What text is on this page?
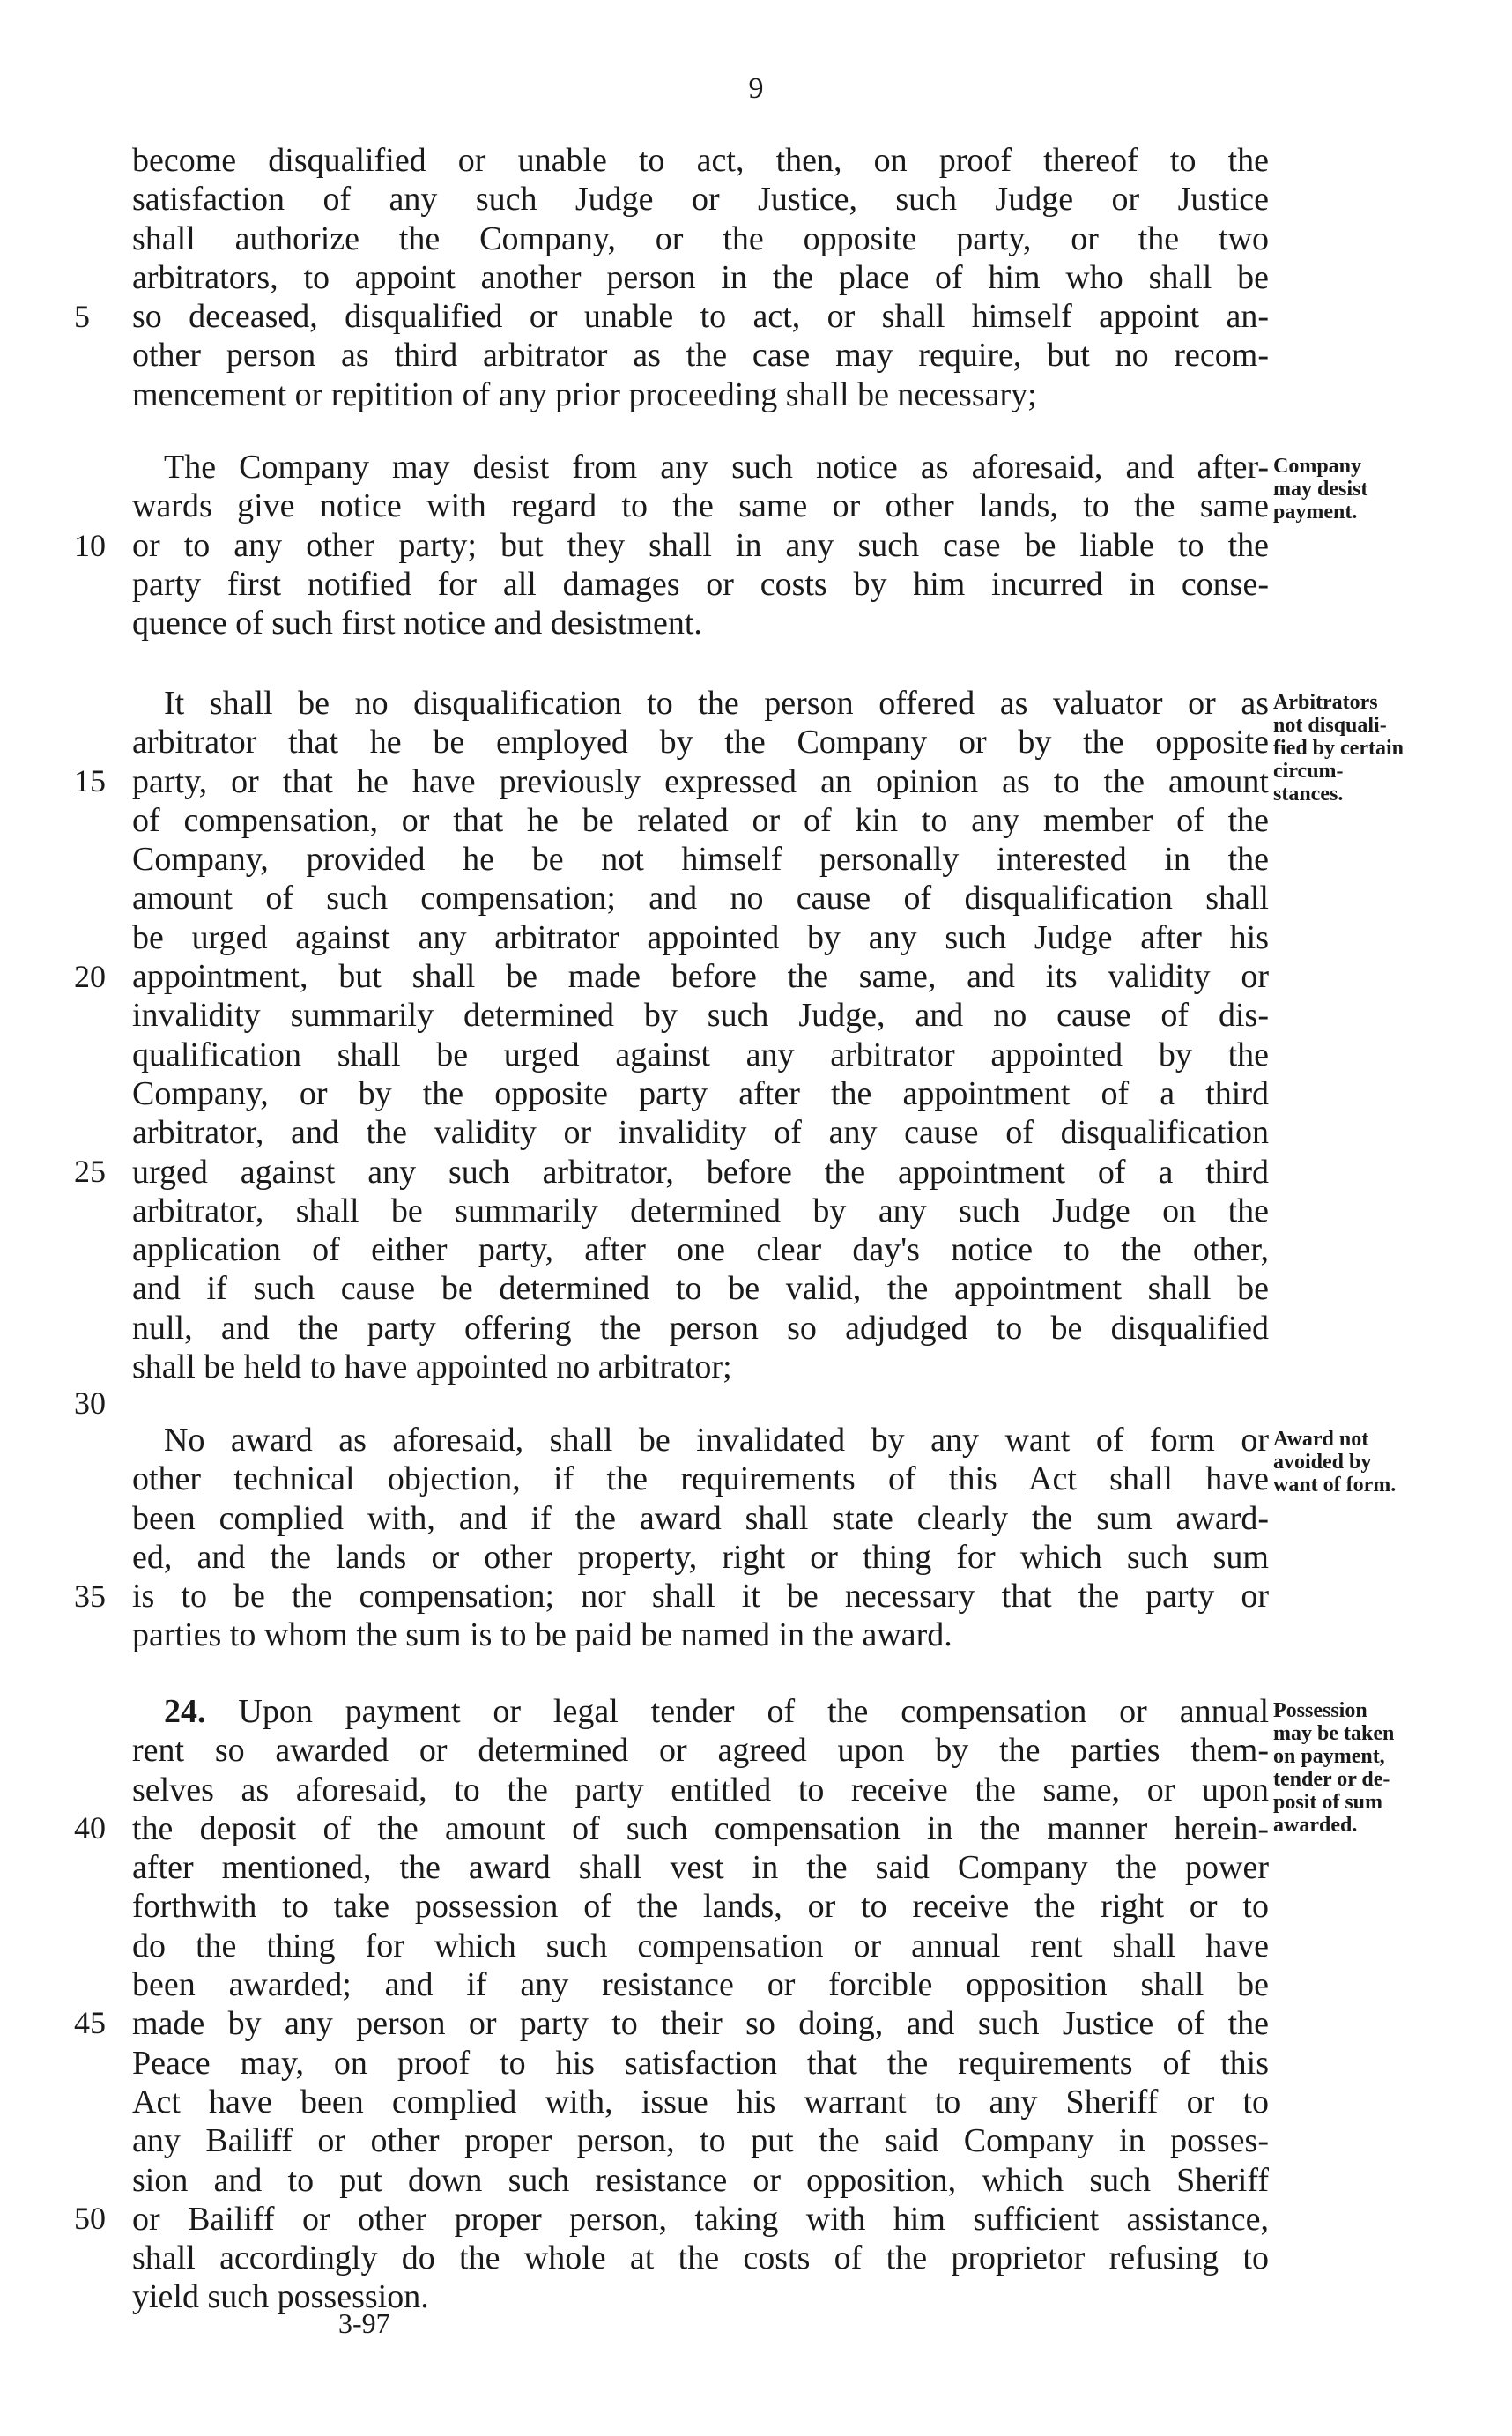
9
become disqualified or unable to act, then, on proof thereof to the
satisfaction of any such Judge or Justice, such Judge or Justice
shall authorize the Company, or the opposite party, or the two
arbitrators, to appoint another person in the place of him who shall be
so deceased, disqualified or unable to act, or shall himself appoint an-
other person as third arbitrator as the case may require, but no recom-
mencement or repitition of any prior proceeding shall be necessary;
The Company may desist from any such notice as aforesaid, and after-
wards give notice with regard to the same or other lands, to the same
or to any other party; but they shall in any such case be liable to the
party first notified for all damages or costs by him incurred in conse-
quence of such first notice and desistment.
It shall be no disqualification to the person offered as valuator or as
arbitrator that he be employed by the Company or by the opposite
party, or that he have previously expressed an opinion as to the amount
of compensation, or that he be related or of kin to any member of the
Company, provided he be not himself personally interested in the
amount of such compensation; and no cause of disqualification shall
be urged against any arbitrator appointed by any such Judge after his
appointment, but shall be made before the same, and its validity or
invalidity summarily determined by such Judge, and no cause of dis-
qualification shall be urged against any arbitrator appointed by the
Company, or by the opposite party after the appointment of a third
arbitrator, and the validity or invalidity of any cause of disqualification
urged against any such arbitrator, before the appointment of a third
arbitrator, shall be summarily determined by any such Judge on the
application of either party, after one clear day's notice to the other,
and if such cause be determined to be valid, the appointment shall be
null, and the party offering the person so adjudged to be disqualified
shall be held to have appointed no arbitrator;
No award as aforesaid, shall be invalidated by any want of form or
other technical objection, if the requirements of this Act shall have
been complied with, and if the award shall state clearly the sum award-
ed, and the lands or other property, right or thing for which such sum
is to be the compensation; nor shall it be necessary that the party or
parties to whom the sum is to be paid be named in the award.
24. Upon payment or legal tender of the compensation or annual
rent so awarded or determined or agreed upon by the parties them-
selves as aforesaid, to the party entitled to receive the same, or upon
the deposit of the amount of such compensation in the manner herein-
after mentioned, the award shall vest in the said Company the power
forthwith to take possession of the lands, or to receive the right or to
do the thing for which such compensation or annual rent shall have
been awarded; and if any resistance or forcible opposition shall be
made by any person or party to their so doing, and such Justice of the
Peace may, on proof to his satisfaction that the requirements of this
Act have been complied with, issue his warrant to any Sheriff or to
any Bailiff or other proper person, to put the said Company in posses-
sion and to put down such resistance or opposition, which such Sheriff
or Bailiff or other proper person, taking with him sufficient assistance,
shall accordingly do the whole at the costs of the proprietor refusing to
yield such possession.
5
10
15
20
25
30
35
40
45
50
Company
may desist
payment.
Arbitrators
not disquali-
fied by certain
circum-
stances.
Award not
avoided by
want of form.
Possession
may be taken
on payment,
tender or de-
posit of sum
awarded.
3-97
